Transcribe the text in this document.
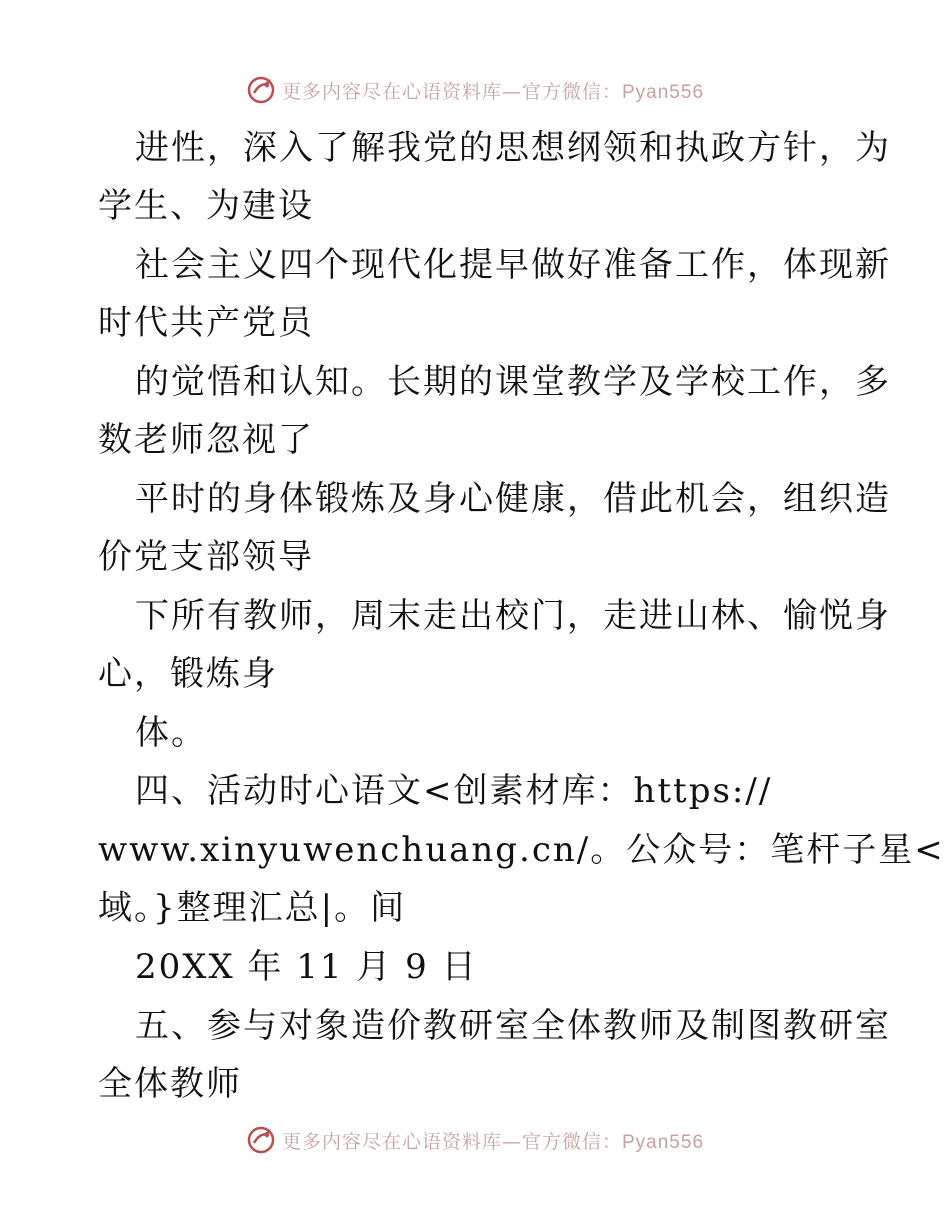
更多内容尽在心语资料库—官方微信：Pyan556
进性，深入了解我党的思想纲领和执政方针，为
学生、为建设
社会主义四个现代化提早做好准备工作，体现新
时代共产党员
的觉悟和认知。长期的课堂教学及学校工作，多
数老师忽视了
平时的身体锻炼及身心健康，借此机会，组织造
价党支部领导
下所有教师，周末走出校门，走进山林、愉悦身
心，锻炼身
体。
四、活动时心语文<创素材库：https://
www.xinyuwenchuang.cn/。公众号：笔杆子星<
域。}整理汇总|。间
20XX 年 11 月 9 日
五、参与对象造价教研室全体教师及制图教研室
全体教师
更多内容尽在心语资料库—官方微信：Pyan556
